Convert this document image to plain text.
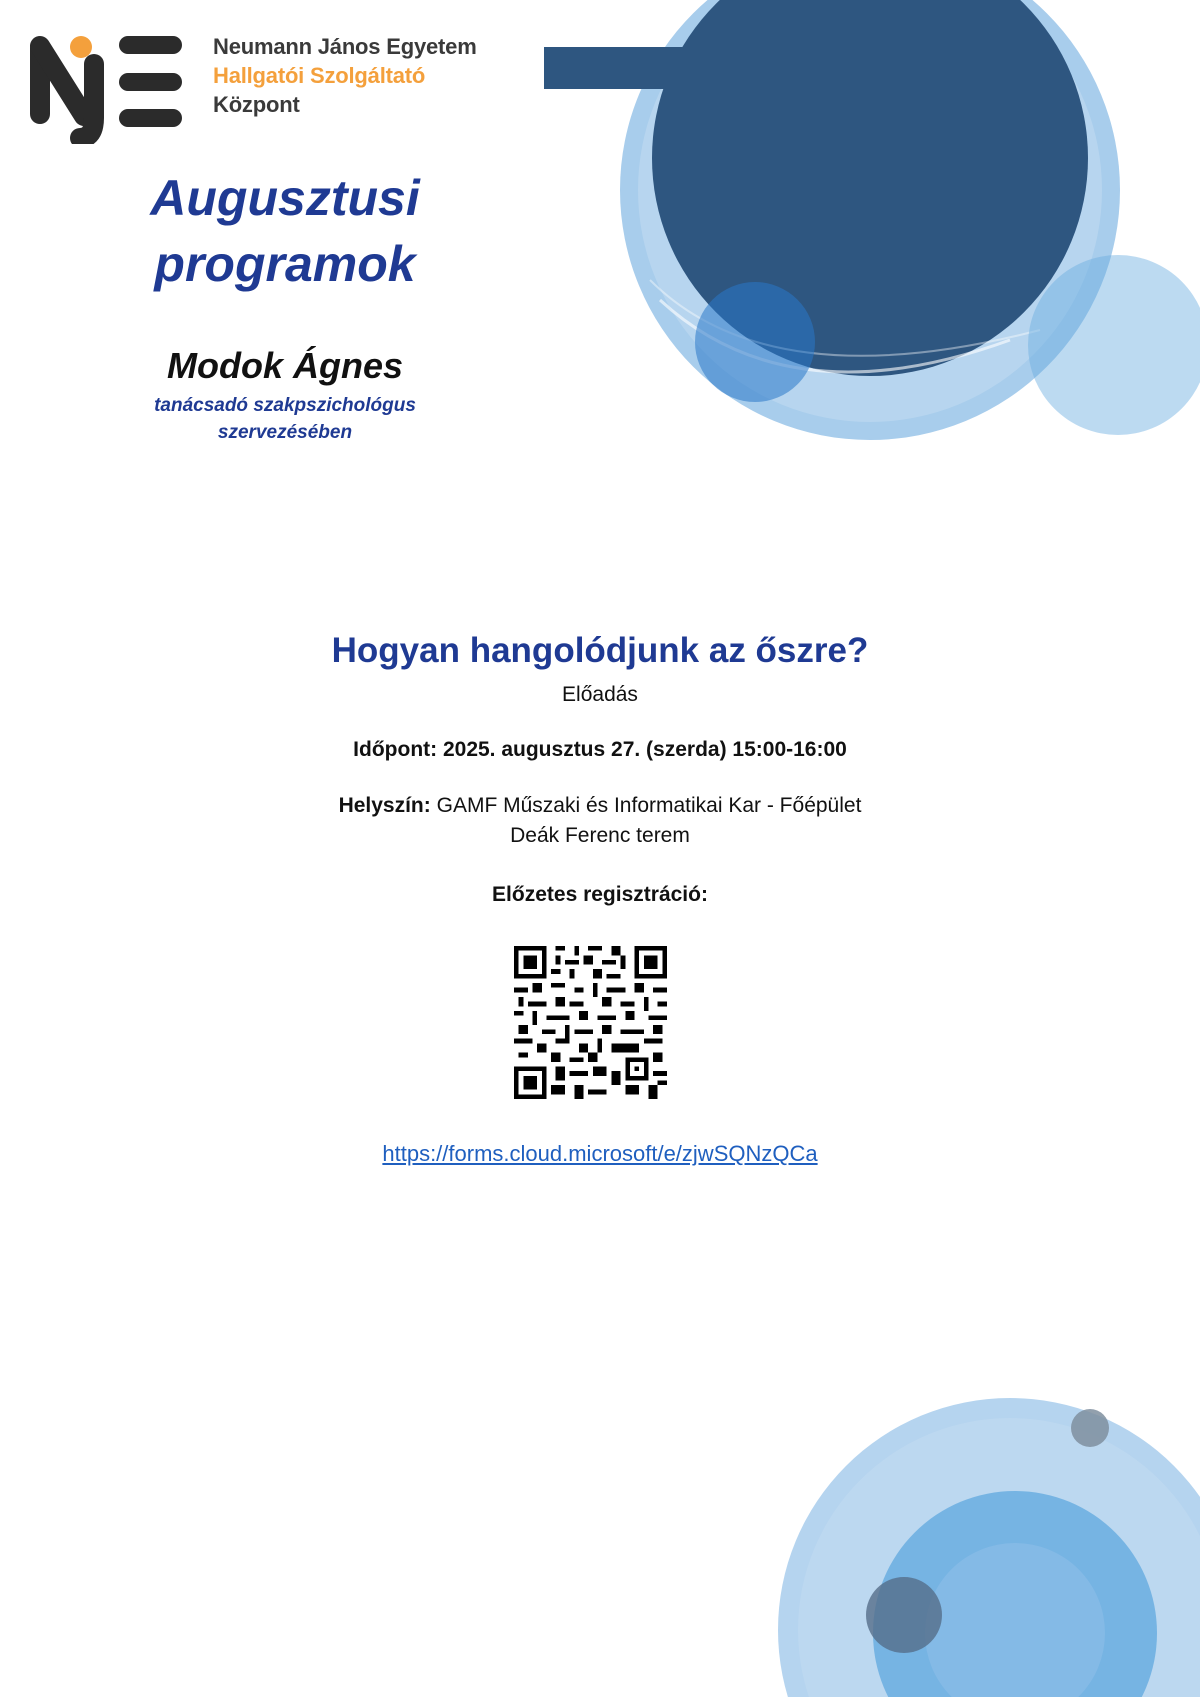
Neumann János Egyetem
Hallgatói Szolgáltató
Központ
Augusztusi
programok
Modok Ágnes
tanácsadó szakpszichológus
szervezésében
Hogyan hangolódjunk az őszre?
Előadás
Időpont: 2025. augusztus 27. (szerda) 15:00-16:00
Helyszín: GAMF Műszaki és Informatikai Kar - Főépület
Deák Ferenc terem
Előzetes regisztráció:
https://forms.cloud.microsoft/e/zjwSQNzQCa
